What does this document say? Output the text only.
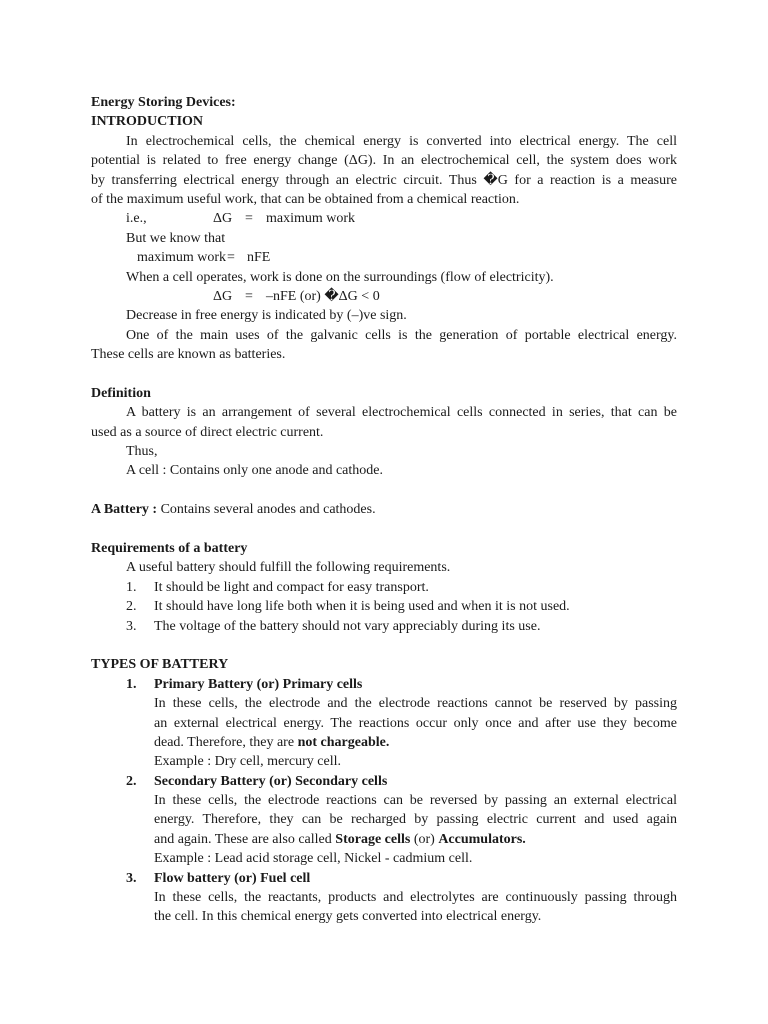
Energy Storing Devices:
INTRODUCTION
In electrochemical cells, the chemical energy is converted into electrical energy. The cell
potential is related to free energy change (ΔG). In an electrochemical cell, the system does work
by transferring electrical energy through an electric circuit. Thus �G for a reaction is a measure
of the maximum useful work, that can be obtained from a chemical reaction.
i.e.,	ΔG = maximum work
But we know that
maximum work = nFE
When a cell operates, work is done on the surroundings (flow of electricity).
ΔG = –nFE (or) �ΔG < 0
Decrease in free energy is indicated by (–)ve sign.
One of the main uses of the galvanic cells is the generation of portable electrical energy.
These cells are known as batteries.
Definition
A battery is an arrangement of several electrochemical cells connected in series, that can be
used as a source of direct electric current.
Thus,
A cell : Contains only one anode and cathode.
A Battery : Contains several anodes and cathodes.
Requirements of a battery
A useful battery should fulfill the following requirements.
1.	It should be light and compact for easy transport.
2.	It should have long life both when it is being used and when it is not used.
3.	The voltage of the battery should not vary appreciably during its use.
TYPES OF BATTERY
1.	Primary Battery (or) Primary cells
In these cells, the electrode and the electrode reactions cannot be reserved by passing
an external electrical energy. The reactions occur only once and after use they become
dead. Therefore, they are not chargeable.
Example : Dry cell, mercury cell.
2.	Secondary Battery (or) Secondary cells
In these cells, the electrode reactions can be reversed by passing an external electrical
energy. Therefore, they can be recharged by passing electric current and used again
and again. These are also called Storage cells (or) Accumulators.
Example : Lead acid storage cell, Nickel - cadmium cell.
3.	Flow battery (or) Fuel cell
In these cells, the reactants, products and electrolytes are continuously passing through
the cell. In this chemical energy gets converted into electrical energy.
